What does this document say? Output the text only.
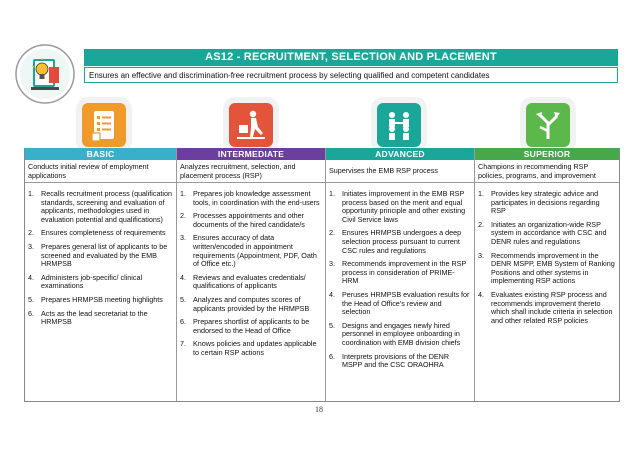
AS12 - RECRUITMENT, SELECTION AND PLACEMENT
Ensures an effective and discrimination-free recruitment process by selecting qualified and competent candidates
BASIC
Conducts initial review of employment applications
1. Recalls recruitment process (qualification standards, screening and evaluation of applicants, methodologies used in evaluation potential and qualifications)
2. Ensures completeness of requirements
3. Prepares general list of applicants to be screened and evaluated by the EMB HRMPSB
4. Administers job-specific/ clinical examinations
5. Prepares HRMPSB meeting highlights
6. Acts as the lead secretariat to the HRMPSB
INTERMEDIATE
Analyzes recruitment, selection, and placement process (RSP)
1. Prepares job knowledge assessment tools, in coordination with the end-users
2. Processes appointments and other documents of the hired candidate/s
3. Ensures accuracy of data written/encoded in appointment requirements (Appointment, PDF, Oath of Office etc.)
4. Reviews and evaluates credentials/ qualifications of applicants
5. Analyzes and computes scores of applicants provided by the HRMPSB
6. Prepares shortlist of applicants to be endorsed to the Head of Office
7. Knows policies and updates applicable to certain RSP actions
ADVANCED
Supervises the EMB RSP process
1. Initiates improvement in the EMB RSP process based on the merit and equal opportunity principle and other existing Civil Service laws
2. Ensures HRMPSB undergoes a deep selection process pursuant to current CSC rules and regulations
3. Recommends improvement in the RSP process in consideration of PRIME-HRM
4. Peruses HRMPSB evaluation results for the Head of Office’s review and selection
5. Designs and engages newly hired personnel in employee onboarding in coordination with EMB division chiefs
6. Interprets provisions of the DENR MSPP and the CSC ORAOHRA
SUPERIOR
Champions in recommending RSP policies, programs, and improvement
1. Provides key strategic advice and participates in decisions regarding RSP
2. Initiates an organization-wide RSP system in accordance with CSC and DENR rules and regulations
3. Recommends improvement in the DENR MSPP, EMB System of Ranking Positions and other systems in implementing RSP actions
4. Evaluates existing RSP process and recommends improvement thereto which shall include criteria in selection and other related RSP policies
18
